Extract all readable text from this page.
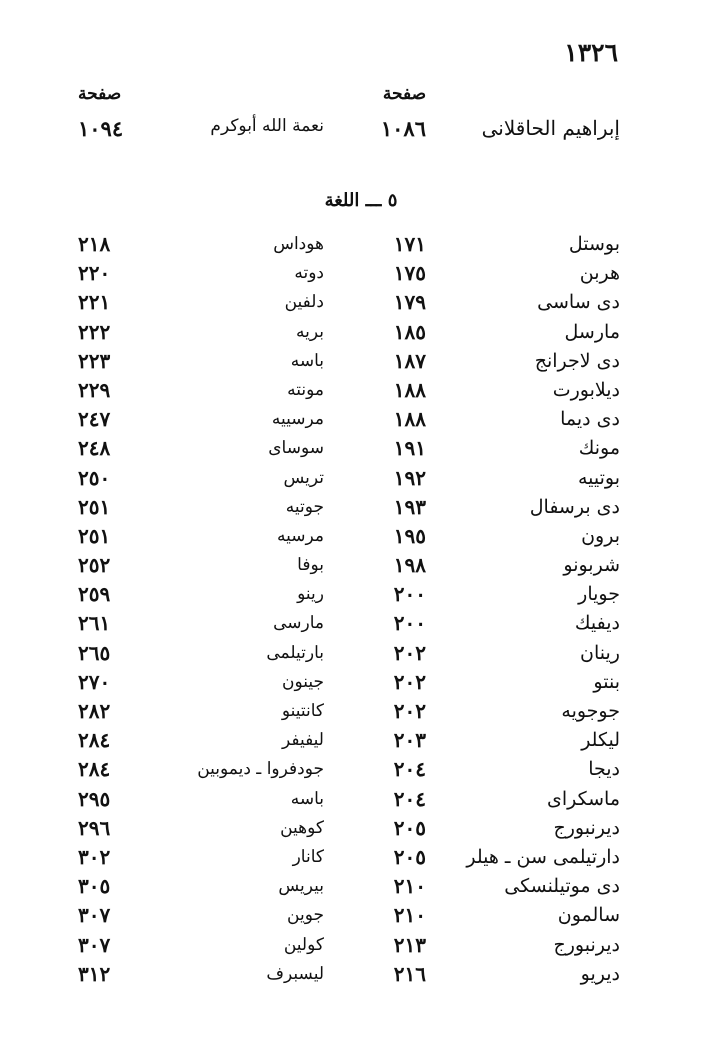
١٣٢٦
صفحة
صفحة
إبراهيم الحاقلانى
١٠٨٦
نعمة الله أبوكرم
١٠٩٤
٥ ـــ اللغة
بوستل
١٧١
هوداس
٢١٨
هربن
١٧٥
دوته
٢٢٠
دى ساسى
١٧٩
دلفين
٢٢١
مارسل
١٨٥
بريه
٢٢٢
دى لاجرانج
١٨٧
باسه
٢٢٣
ديلابورت
١٨٨
مونته
٢٢٩
دى ديما
١٨٨
مرسييه
٢٤٧
مونك
١٩١
سوساى
٢٤٨
بوتييه
١٩٢
تريس
٢٥٠
دى برسفال
١٩٣
جوتيه
٢٥١
برون
١٩٥
مرسيه
٢٥١
شربونو
١٩٨
بوفا
٢٥٢
جويار
٢٠٠
رينو
٢٥٩
ديفيك
٢٠٠
مارسى
٢٦١
رينان
٢٠٢
بارتيلمى
٢٦٥
بنتو
٢٠٢
جينون
٢٧٠
جوجويه
٢٠٢
كانتينو
٢٨٢
ليكلر
٢٠٣
ليفيفر
٢٨٤
ديجا
٢٠٤
جودفروا ـ ديموبين
٢٨٤
ماسكراى
٢٠٤
باسه
٢٩٥
ديرنبورج
٢٠٥
كوهين
٢٩٦
دارتيلمى سن ـ هيلر
٢٠٥
كانار
٣٠٢
دى موتيلنسكى
٢١٠
بيريس
٣٠٥
سالمون
٢١٠
جوين
٣٠٧
ديرنبورج
٢١٣
كولين
٣٠٧
ديريو
٢١٦
ليسبرف
٣١٢
